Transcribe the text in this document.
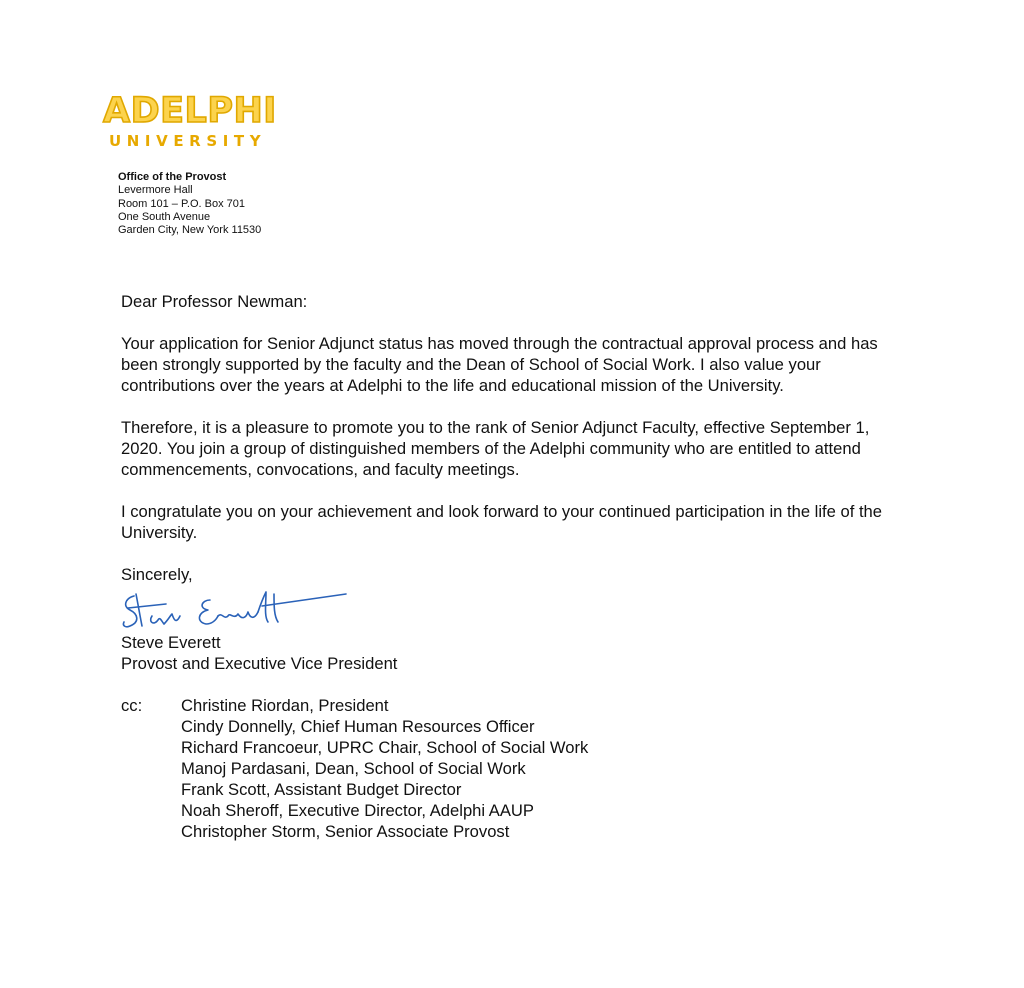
ADELPHI
UNIVERSITY
Office of the Provost
Levermore Hall
Room 101 – P.O. Box 701
One South Avenue
Garden City, New York 11530

Dear Professor Newman:

Your application for Senior Adjunct status has moved through the contractual approval process and has been strongly supported by the faculty and the Dean of School of Social Work. I also value your contributions over the years at Adelphi to the life and educational mission of the University.

Therefore, it is a pleasure to promote you to the rank of Senior Adjunct Faculty, effective September 1, 2020. You join a group of distinguished members of the Adelphi community who are entitled to attend commencements, convocations, and faculty meetings.

I congratulate you on your achievement and look forward to your continued participation in the life of the University.

Sincerely,

Steve Everett

Steve Everett

Provost and Executive Vice President

cc:	Christine Riordan, President
Cindy Donnelly, Chief Human Resources Officer
Richard Francoeur, UPRC Chair, School of Social Work
Manoj Pardasani, Dean, School of Social Work
Frank Scott, Assistant Budget Director
Noah Sheroff, Executive Director, Adelphi AAUP
Christopher Storm, Senior Associate Provost
